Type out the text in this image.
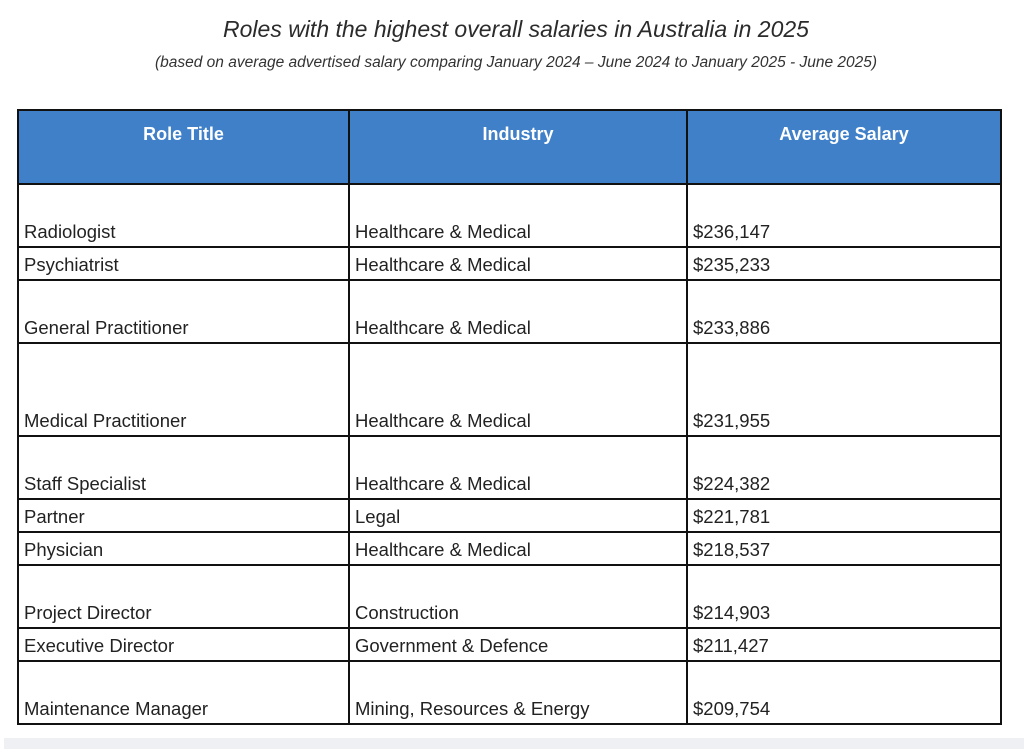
Roles with the highest overall salaries in Australia in 2025
(based on average advertised salary comparing January 2024 – June 2024 to January 2025 - June 2025)
Role Title	Industry	Average Salary
Radiologist	Healthcare & Medical	$236,147
Psychiatrist	Healthcare & Medical	$235,233
General Practitioner	Healthcare & Medical	$233,886
Medical Practitioner	Healthcare & Medical	$231,955
Staff Specialist	Healthcare & Medical	$224,382
Partner	Legal	$221,781
Physician	Healthcare & Medical	$218,537
Project Director	Construction	$214,903
Executive Director	Government & Defence	$211,427
Maintenance Manager	Mining, Resources & Energy	$209,754
